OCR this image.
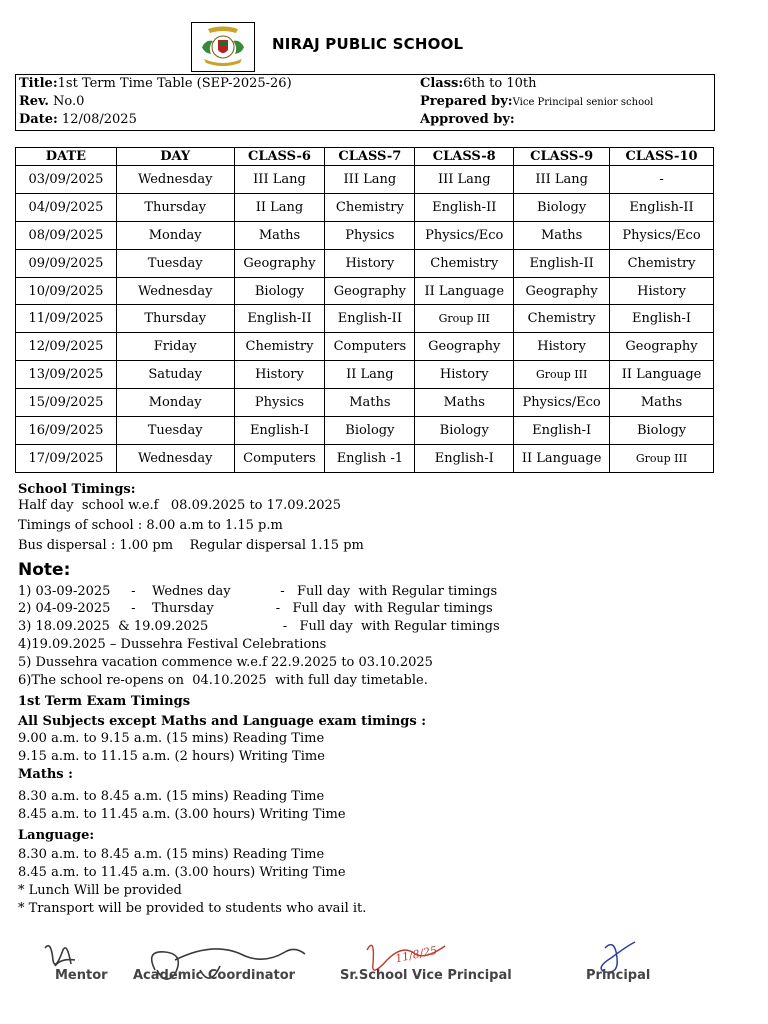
NIRAJ PUBLIC SCHOOL
Title:1st Term Time Table (SEP-2025-26)
Rev. No.0
Date: 12/08/2025
Class:6th to 10th
Prepared by:Vice Principal senior school
Approved by:
DATE	DAY	CLASS-6	CLASS-7	CLASS-8	CLASS-9	CLASS-10
03/09/2025	Wednesday	III Lang	III Lang	III Lang	III Lang	-
04/09/2025	Thursday	II Lang	Chemistry	English-II	Biology	English-II
08/09/2025	Monday	Maths	Physics	Physics/Eco	Maths	Physics/Eco
09/09/2025	Tuesday	Geography	History	Chemistry	English-II	Chemistry
10/09/2025	Wednesday	Biology	Geography	II Language	Geography	History
11/09/2025	Thursday	English-II	English-II	Group III	Chemistry	English-I
12/09/2025	Friday	Chemistry	Computers	Geography	History	Geography
13/09/2025	Satuday	History	II Lang	History	Group III	II Language
15/09/2025	Monday	Physics	Maths	Maths	Physics/Eco	Maths
16/09/2025	Tuesday	English-I	Biology	Biology	English-I	Biology
17/09/2025	Wednesday	Computers	English -1	English-I	II Language	Group III
School Timings:
Half day  school w.e.f   08.09.2025 to 17.09.2025
Timings of school : 8.00 a.m to 1.15 p.m
Bus dispersal : 1.00 pm    Regular dispersal 1.15 pm
Note:
1) 03-09-2025     -    Wednes day            -   Full day  with Regular timings
2) 04-09-2025     -    Thursday               -   Full day  with Regular timings
3) 18.09.2025  & 19.09.2025                  -   Full day  with Regular timings
4)19.09.2025 – Dussehra Festival Celebrations
5) Dussehra vacation commence w.e.f 22.9.2025 to 03.10.2025
6)The school re-opens on  04.10.2025  with full day timetable.
1st Term Exam Timings
All Subjects except Maths and Language exam timings :
9.00 a.m. to 9.15 a.m. (15 mins) Reading Time
9.15 a.m. to 11.15 a.m. (2 hours) Writing Time
Maths :
8.30 a.m. to 8.45 a.m. (15 mins) Reading Time
8.45 a.m. to 11.45 a.m. (3.00 hours) Writing Time
Language:
8.30 a.m. to 8.45 a.m. (15 mins) Reading Time
8.45 a.m. to 11.45 a.m. (3.00 hours) Writing Time
* Lunch Will be provided
* Transport will be provided to students who avail it.
11/8/25
Mentor Academic Coordinator	Sr.School Vice Principal	Principal
